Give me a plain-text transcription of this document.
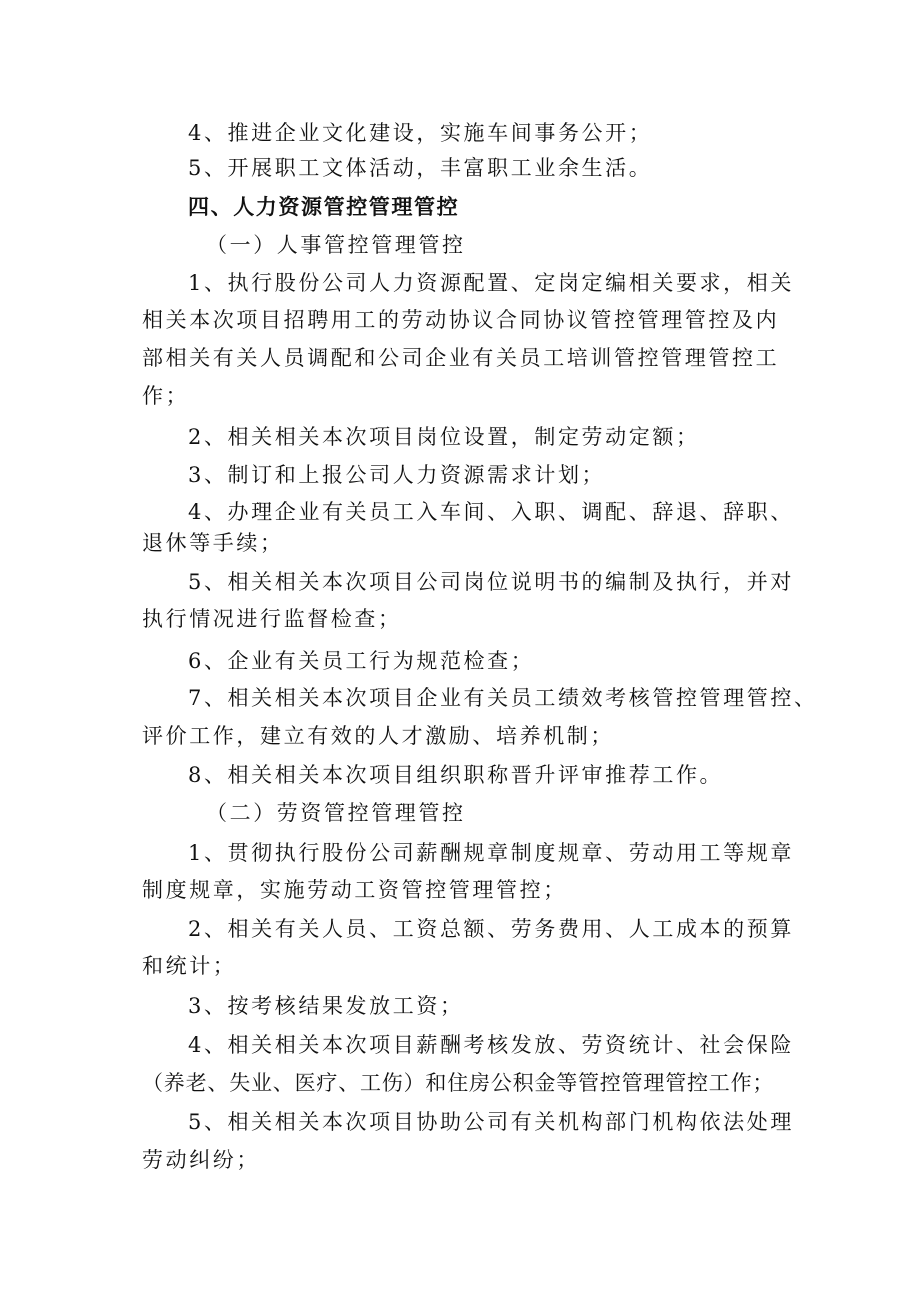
4、推进企业文化建设，实施车间事务公开；
5、开展职工文体活动，丰富职工业余生活。
四、人力资源管控管理管控
（一）人事管控管理管控
1、执行股份公司人力资源配置、定岗定编相关要求，相关
相关本次项目招聘用工的劳动协议合同协议管控管理管控及内
部相关有关人员调配和公司企业有关员工培训管控管理管控工
作；
2、相关相关本次项目岗位设置，制定劳动定额；
3、制订和上报公司人力资源需求计划；
4、办理企业有关员工入车间、入职、调配、辞退、辞职、
退休等手续；
5、相关相关本次项目公司岗位说明书的编制及执行，并对
执行情况进行监督检查；
6、企业有关员工行为规范检查；
7、相关相关本次项目企业有关员工绩效考核管控管理管控、
评价工作，建立有效的人才激励、培养机制；
8、相关相关本次项目组织职称晋升评审推荐工作。
（二）劳资管控管理管控
1、贯彻执行股份公司薪酬规章制度规章、劳动用工等规章
制度规章，实施劳动工资管控管理管控；
2、相关有关人员、工资总额、劳务费用、人工成本的预算
和统计；
3、按考核结果发放工资；
4、相关相关本次项目薪酬考核发放、劳资统计、社会保险
（养老、失业、医疗、工伤）和住房公积金等管控管理管控工作；
5、相关相关本次项目协助公司有关机构部门机构依法处理
劳动纠纷；
